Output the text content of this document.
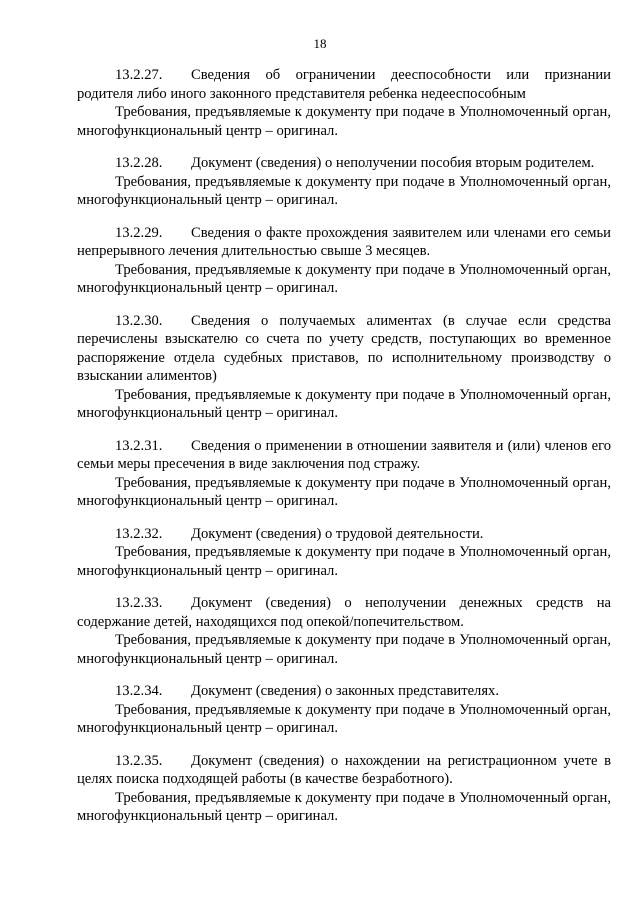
18

13.2.27. Сведения об ограничении дееспособности или признании родителя либо иного законного представителя ребенка недееспособным

Требования, предъявляемые к документу при подаче в Уполномоченный орган, многофункциональный центр – оригинал.

13.2.28. Документ (сведения) о неполучении пособия вторым родителем.

Требования, предъявляемые к документу при подаче в Уполномоченный орган, многофункциональный центр – оригинал.

13.2.29. Сведения о факте прохождения заявителем или членами его семьи непрерывного лечения длительностью свыше 3 месяцев.

Требования, предъявляемые к документу при подаче в Уполномоченный орган, многофункциональный центр – оригинал.

13.2.30. Сведения о получаемых алиментах (в случае если средства перечислены взыскателю со счета по учету средств, поступающих во временное распоряжение отдела судебных приставов, по исполнительному производству о взыскании алиментов)

Требования, предъявляемые к документу при подаче в Уполномоченный орган, многофункциональный центр – оригинал.

13.2.31. Сведения о применении в отношении заявителя и (или) членов его семьи меры пресечения в виде заключения под стражу.

Требования, предъявляемые к документу при подаче в Уполномоченный орган, многофункциональный центр – оригинал.

13.2.32. Документ (сведения) о трудовой деятельности.

Требования, предъявляемые к документу при подаче в Уполномоченный орган, многофункциональный центр – оригинал.

13.2.33. Документ (сведения) о неполучении денежных средств на содержание детей, находящихся под опекой/попечительством.

Требования, предъявляемые к документу при подаче в Уполномоченный орган, многофункциональный центр – оригинал.

13.2.34. Документ (сведения) о законных представителях.

Требования, предъявляемые к документу при подаче в Уполномоченный орган, многофункциональный центр – оригинал.

13.2.35. Документ (сведения) о нахождении на регистрационном учете в целях поиска подходящей работы (в качестве безработного).

Требования, предъявляемые к документу при подаче в Уполномоченный орган, многофункциональный центр – оригинал.
